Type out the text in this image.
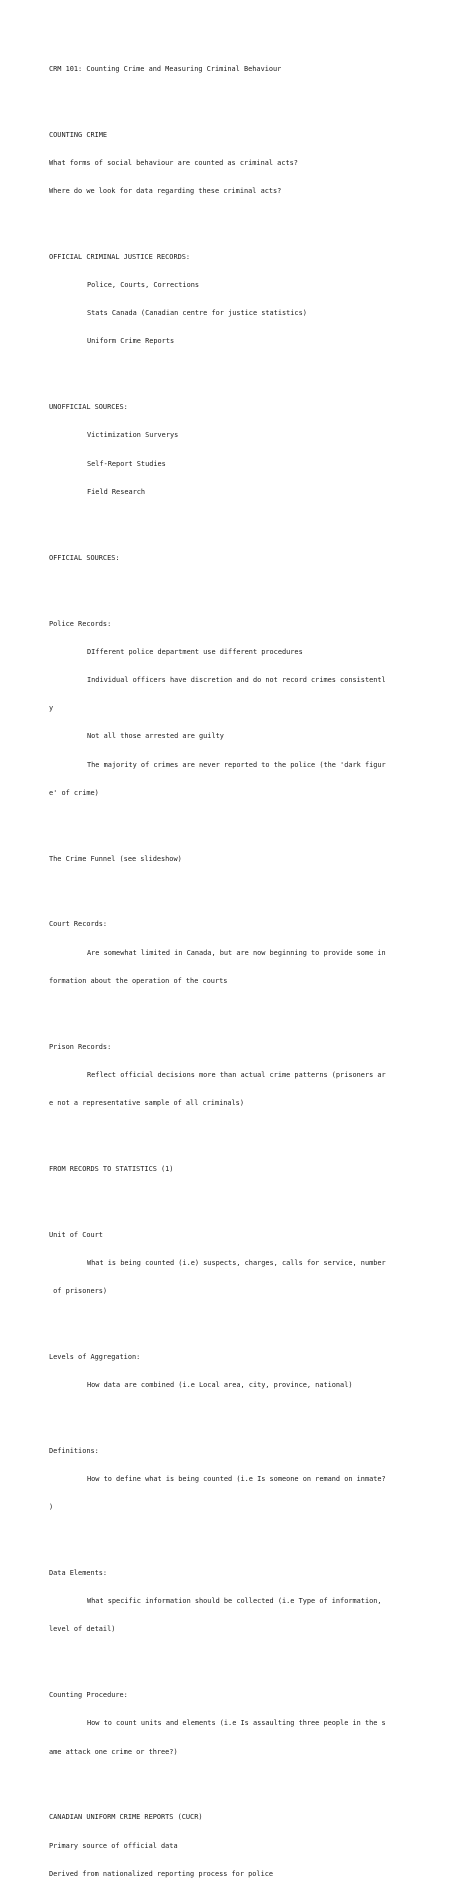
CRM 101: Counting Crime and Measuring Criminal Behaviour

COUNTING CRIME

What forms of social behaviour are counted as criminal acts?

Where do we look for data regarding these criminal acts?

OFFICIAL CRIMINAL JUSTICE RECORDS:

Police, Courts, Corrections

Stats Canada (Canadian centre for justice statistics)

Uniform Crime Reports

UNOFFICIAL SOURCES:

Victimization Surverys

Self-Report Studies

Field Research

OFFICIAL SOURCES:

Police Records:

DIfferent police department use different procedures

Individual officers have discretion and do not record crimes consistentl

y

Not all those arrested are guilty

The majority of crimes are never reported to the police (the 'dark figur

e' of crime)

The Crime Funnel (see slideshow)

Court Records:

Are somewhat limited in Canada, but are now beginning to provide some in

formation about the operation of the courts

Prison Records:

Reflect official decisions more than actual crime patterns (prisoners ar

e not a representative sample of all criminals)

FROM RECORDS TO STATISTICS (1)

Unit of Court

What is being counted (i.e) suspects, charges, calls for service, number

of prisoners)

Levels of Aggregation:

How data are combined (i.e Local area, city, province, national)

Definitions:

How to define what is being counted (i.e Is someone on remand on inmate?

)

Data Elements:

What specific information should be collected (i.e Type of information,

level of detail)

Counting Procedure:

How to count units and elements (i.e Is assaulting three people in the s

ame attack one crime or three?)

CANADIAN UNIFORM CRIME REPORTS (CUCR)

Primary source of official data

Derived from nationalized reporting process for police
